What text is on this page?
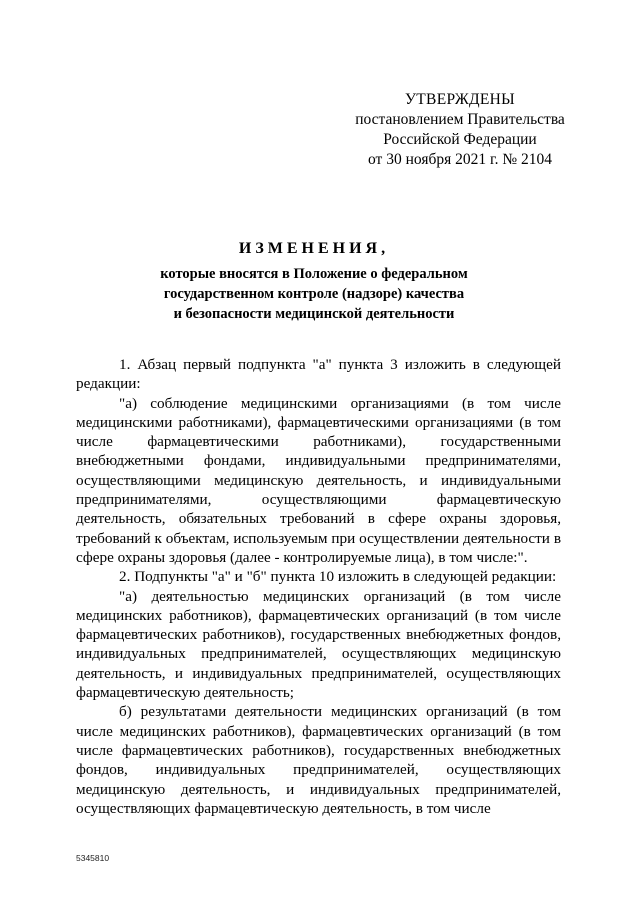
УТВЕРЖДЕНЫ
постановлением Правительства
Российской Федерации
от 30 ноября 2021 г. № 2104
ИЗМЕНЕНИЯ,
которые вносятся в Положение о федеральном
государственном контроле (надзоре) качества
и безопасности медицинской деятельности

1. Абзац первый подпункта "а" пункта 3 изложить в следующей редакции:

"а) соблюдение медицинскими организациями (в том числе медицинскими работниками), фармацевтическими организациями (в том числе фармацевтическими работниками), государственными внебюджетными фондами, индивидуальными предпринимателями, осуществляющими медицинскую деятельность, и индивидуальными предпринимателями, осуществляющими фармацевтическую деятельность, обязательных требований в сфере охраны здоровья, требований к объектам, используемым при осуществлении деятельности в сфере охраны здоровья (далее - контролируемые лица), в том числе:".

2. Подпункты "а" и "б" пункта 10 изложить в следующей редакции:

"а) деятельностью медицинских организаций (в том числе медицинских работников), фармацевтических организаций (в том числе фармацевтических работников), государственных внебюджетных фондов, индивидуальных предпринимателей, осуществляющих медицинскую деятельность, и индивидуальных предпринимателей, осуществляющих фармацевтическую деятельность;

б) результатами деятельности медицинских организаций (в том числе медицинских работников), фармацевтических организаций (в том числе фармацевтических работников), государственных внебюджетных фондов, индивидуальных предпринимателей, осуществляющих медицинскую деятельность, и индивидуальных предпринимателей, осуществляющих фармацевтическую деятельность, в том числе

5345810
